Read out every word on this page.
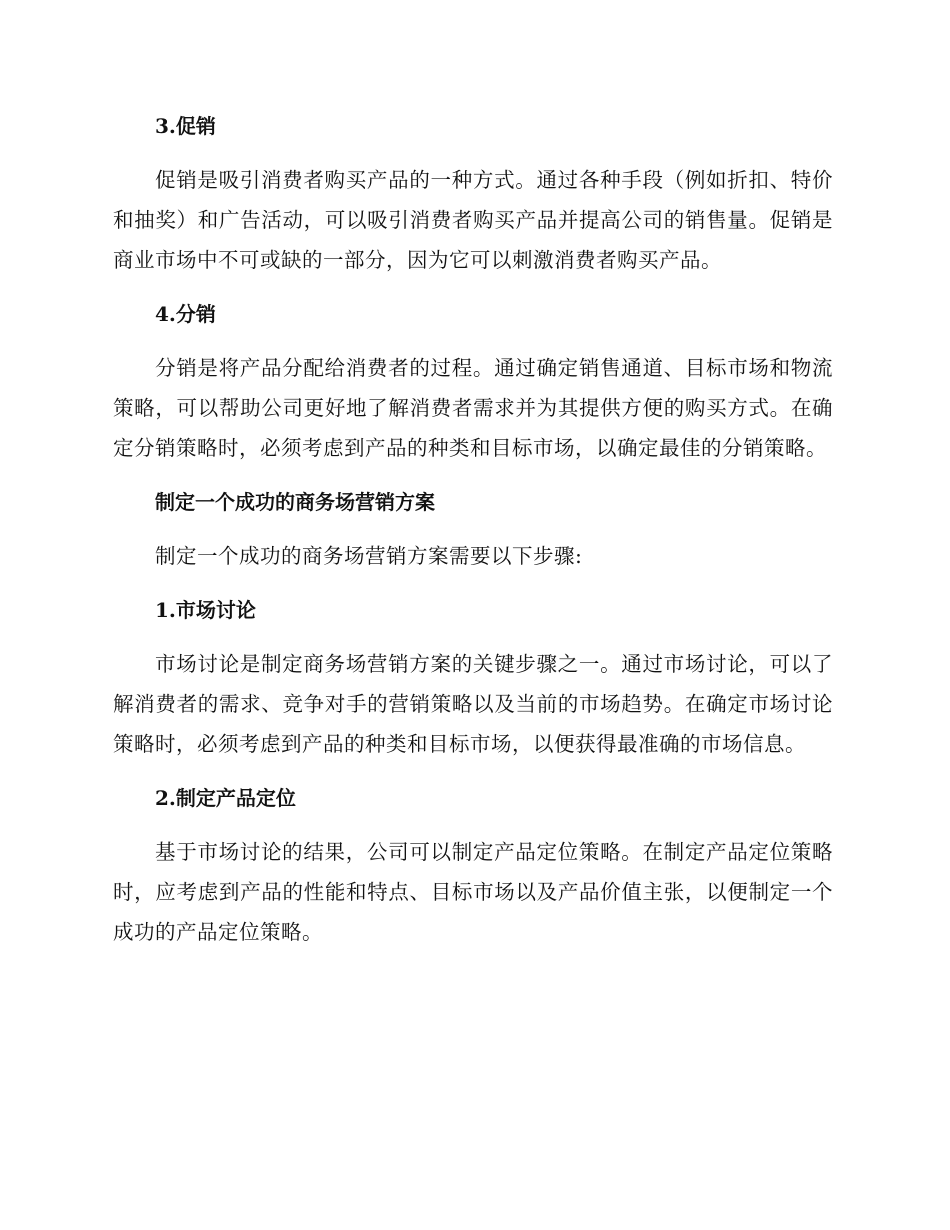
3.促销

促销是吸引消费者购买产品的一种方式。通过各种手段（例如折扣、特价和抽奖）和广告活动，可以吸引消费者购买产品并提高公司的销售量。促销是商业市场中不可或缺的一部分，因为它可以刺激消费者购买产品。

4.分销

分销是将产品分配给消费者的过程。通过确定销售通道、目标市场和物流策略，可以帮助公司更好地了解消费者需求并为其提供方便的购买方式。在确定分销策略时，必须考虑到产品的种类和目标市场，以确定最佳的分销策略。

制定一个成功的商务场营销方案

制定一个成功的商务场营销方案需要以下步骤:

1.市场讨论

市场讨论是制定商务场营销方案的关键步骤之一。通过市场讨论，可以了解消费者的需求、竞争对手的营销策略以及当前的市场趋势。在确定市场讨论策略时，必须考虑到产品的种类和目标市场，以便获得最准确的市场信息。

2.制定产品定位

基于市场讨论的结果，公司可以制定产品定位策略。在制定产品定位策略时，应考虑到产品的性能和特点、目标市场以及产品价值主张，以便制定一个成功的产品定位策略。
